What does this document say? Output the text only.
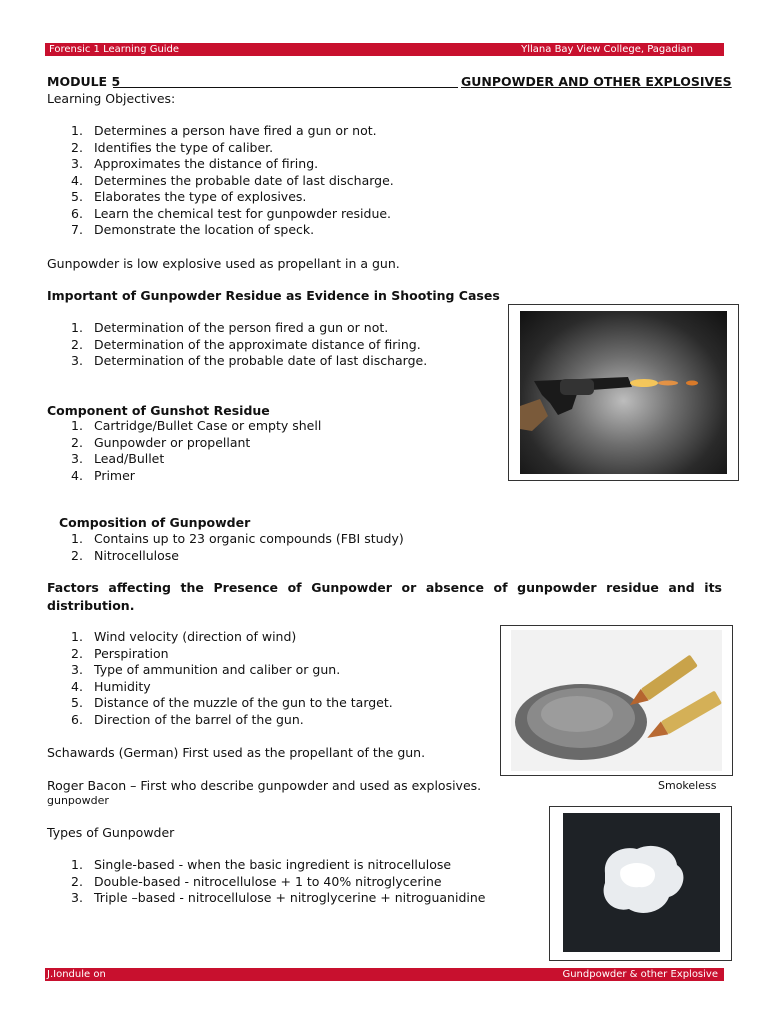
Forensic 1 Learning Guide	Yllana Bay View College, Pagadian
MODULE 5	GUNPOWDER AND OTHER EXPLOSIVES
Learning Objectives:
1. Determines a person have fired a gun or not.
2. Identifies the type of caliber.
3. Approximates the distance of firing.
4. Determines the probable date of last discharge.
5. Elaborates the type of explosives.
6. Learn the chemical test for gunpowder residue.
7. Demonstrate the location of speck.
Gunpowder is low explosive used as propellant in a gun.
Important of Gunpowder Residue as Evidence in Shooting Cases
1. Determination of the person fired a gun or not.
2. Determination of the approximate distance of firing.
3. Determination of the probable date of last discharge.
Component of Gunshot Residue
1. Cartridge/Bullet Case or empty shell
2. Gunpowder or propellant
3. Lead/Bullet
4. Primer
Composition of Gunpowder
1. Contains up to 23 organic compounds (FBI study)
2. Nitrocellulose
Factors affecting the Presence of Gunpowder or absence of gunpowder residue and its
distribution.
1. Wind velocity (direction of wind)
2. Perspiration
3. Type of ammunition and caliber or gun.
4. Humidity
5. Distance of the muzzle of the gun to the target.
6. Direction of the barrel of the gun.
Schawards (German) First used as the propellant of the gun.
Roger Bacon – First who describe gunpowder and used as explosives.	Smokeless
gunpowder
Types of Gunpowder
1. Single-based - when the basic ingredient is nitrocellulose
2. Double-based - nitrocellulose + 1 to 40% nitroglycerine
3. Triple –based - nitrocellulose + nitroglycerine + nitroguanidine
J.Iondule on	Gundpowder & other Explosive
